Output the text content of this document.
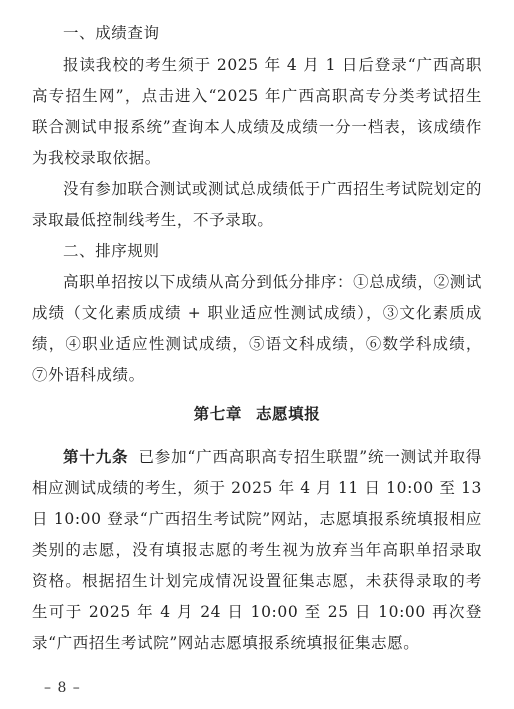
一、成绩查询

报读我校的考生须于 2025 年 4 月 1 日后登录“广西高职高专招生网”，点击进入“2025 年广西高职高专分类考试招生联合测试申报系统”查询本人成绩及成绩一分一档表，该成绩作为我校录取依据。

没有参加联合测试或测试总成绩低于广西招生考试院划定的录取最低控制线考生，不予录取。

二、排序规则

高职单招按以下成绩从高分到低分排序：①总成绩，②测试成绩（文化素质成绩 + 职业适应性测试成绩），③文化素质成绩，④职业适应性测试成绩，⑤语文科成绩，⑥数学科成绩，⑦外语科成绩。

第七章 志愿填报

第十九条 已参加“广西高职高专招生联盟”统一测试并取得相应测试成绩的考生，须于 2025 年 4 月 11 日 10:00 至 13 日 10:00 登录“广西招生考试院”网站，志愿填报系统填报相应类别的志愿，没有填报志愿的考生视为放弃当年高职单招录取资格。根据招生计划完成情况设置征集志愿，未获得录取的考生可于 2025 年 4 月 24 日 10:00 至 25 日 10:00 再次登录“广西招生考试院”网站志愿填报系统填报征集志愿。

– 8 –
